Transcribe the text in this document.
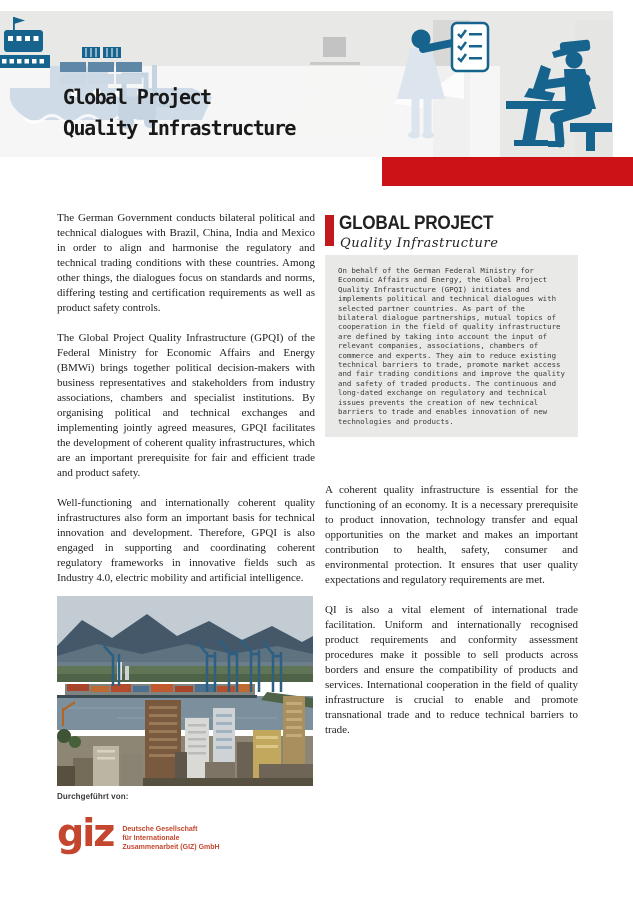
Global Project
Quality Infrastructure

The German Government conducts bilateral political and technical dialogues with Brazil, China, India and Mexico in order to align and harmonise the regulatory and technical trading conditions with these countries. Among other things, the dialogues focus on standards and norms, differing testing and certification requirements as well as product safety controls.

The Global Project Quality Infrastructure (GPQI) of the Federal Ministry for Economic Affairs and Energy (BMWi) brings together political decision-makers with business representatives and stakeholders from industry associations, chambers and specialist institutions. By organising political and technical exchanges and implementing jointly agreed measures, GPQI facilitates the development of coherent quality infrastructures, which are an important prerequisite for fair and efficient trade and product safety.

Well-functioning and internationally coherent quality infrastructures also form an important basis for technical innovation and development. Therefore, GPQI is also engaged in supporting and coordinating coherent regulatory frameworks in innovative fields such as Industry 4.0, electric mobility and artificial intelligence.

GLOBAL PROJECT
Quality Infrastructure
On behalf of the German Federal Ministry for Economic Affairs and Energy, the Global Project Quality Infrastructure (GPQI) initiates and implements political and technical dialogues with selected partner countries. As part of the bilateral dialogue partnerships, mutual topics of cooperation in the field of quality infrastructure are defined by taking into account the input of relevant companies, associations, chambers of commerce and experts. They aim to reduce existing technical barriers to trade, promote market access and fair trading conditions and improve the quality and safety of traded products. The continuous and long-dated exchange on regulatory and technical issues prevents the creation of new technical barriers to trade and enables innovation of new technologies and products.

A coherent quality infrastructure is essential for the functioning of an economy. It is a necessary prerequisite to product innovation, technology transfer and equal opportunities on the market and makes an important contribution to health, safety, consumer and environmental protection. It ensures that user quality expectations and regulatory requirements are met.

QI is also a vital element of international trade facilitation. Uniform and internationally recognised product requirements and conformity assessment procedures make it possible to sell products across borders and ensure the compatibility of products and services. International cooperation in the field of quality infrastructure is crucial to enable and promote transnational trade and to reduce technical barriers to trade.

Durchgeführt von:
giz Deutsche Gesellschaft
für Internationale
Zusammenarbeit (GIZ) GmbH
